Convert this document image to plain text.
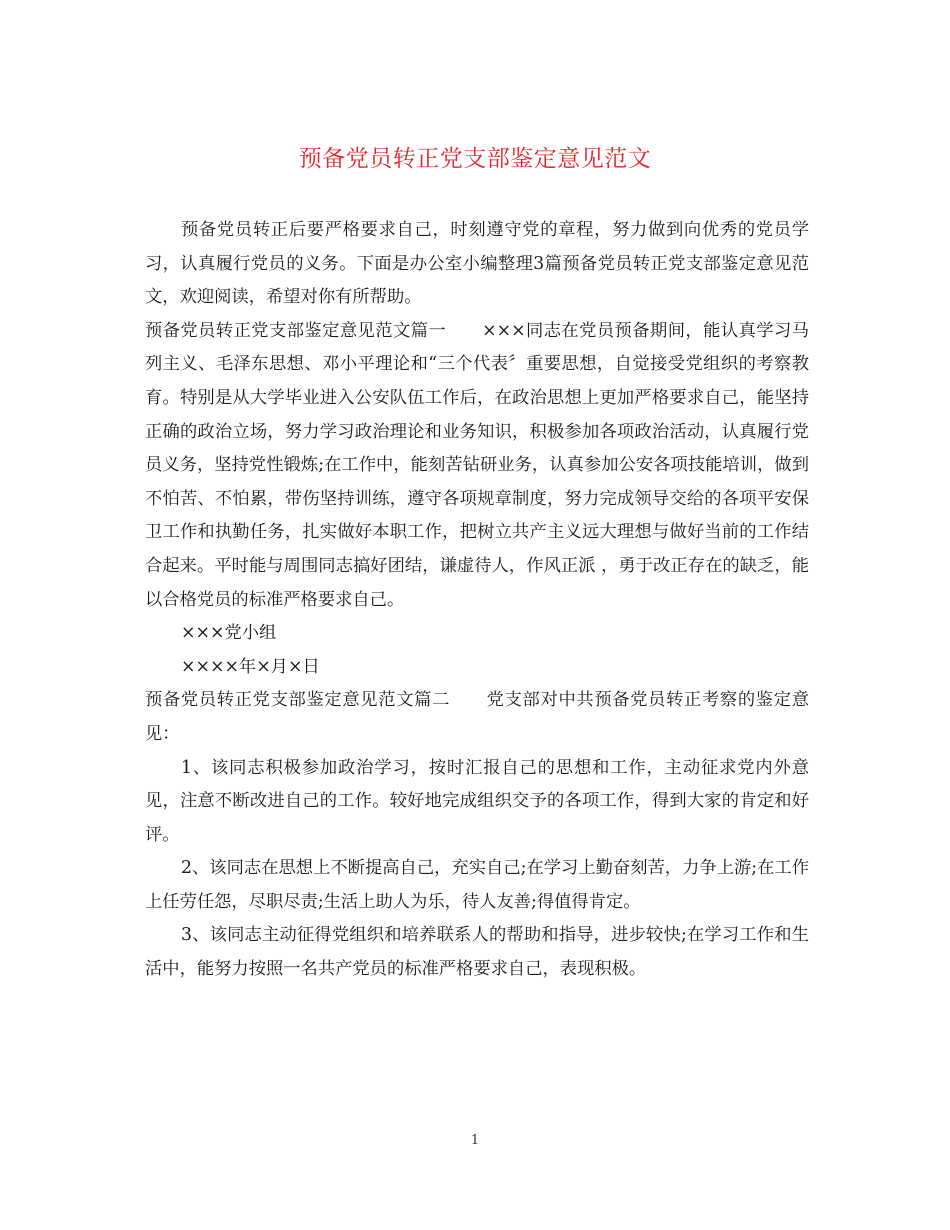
预备党员转正党支部鉴定意见范文

预备党员转正后要严格要求自己，时刻遵守党的章程，努力做到向优秀的党员学习，认真履行党员的义务。下面是办公室小编整理3篇预备党员转正党支部鉴定意见范文，欢迎阅读，希望对你有所帮助。

预备党员转正党支部鉴定意见范文篇一 ×××同志在党员预备期间，能认真学习马列主义、毛泽东思想、邓小平理论和“三个代表〞重要思想，自觉接受党组织的考察教育。特别是从大学毕业进入公安队伍工作后，在政治思想上更加严格要求自己，能坚持正确的政治立场，努力学习政治理论和业务知识，积极参加各项政治活动，认真履行党员义务，坚持党性锻炼;在工作中，能刻苦钻研业务，认真参加公安各项技能培训，做到不怕苦、不怕累，带伤坚持训练，遵守各项规章制度，努力完成领导交给的各项平安保卫工作和执勤任务，扎实做好本职工作，把树立共产主义远大理想与做好当前的工作结合起来。平时能与周围同志搞好团结，谦虚待人，作风正派 ，勇于改正存在的缺乏，能以合格党员的标准严格要求自己。

×××党小组

××××年×月×日

预备党员转正党支部鉴定意见范文篇二 党支部对中共预备党员转正考察的鉴定意见：

1、该同志积极参加政治学习，按时汇报自己的思想和工作，主动征求党内外意见，注意不断改进自己的工作。较好地完成组织交予的各项工作，得到大家的肯定和好评。

2、该同志在思想上不断提高自己，充实自己;在学习上勤奋刻苦，力争上游;在工作上任劳任怨，尽职尽责;生活上助人为乐，待人友善;得值得肯定。

3、该同志主动征得党组织和培养联系人的帮助和指导，进步较快;在学习工作和生活中，能努力按照一名共产党员的标准严格要求自己，表现积极。

1
